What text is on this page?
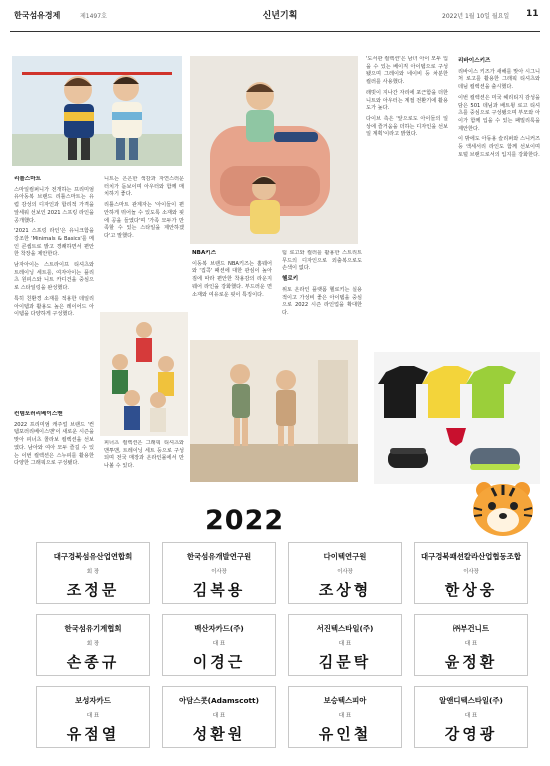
한국섬유경제	제1497호	신년기획	2022년 1월 10일 월요일 11
리틀스마트

스마일컴퍼니가 전개하는 프리미엄 유아동복 브랜드 리틀스마트는 유럽 감성의 디자인과 합리적 가격을 앞세워 선보인 2021 스프링 라인을 공개했다.

'2021 스프링 라인'은 유니크함을 강조한 'Minimals & Basics'를 메인 콘셉트로 밝고 경쾌하면서 편안한 착장을 제안한다.

남자아이는 스트라이프 티셔츠와 트레이닝 세트를, 여자아이는 플리츠 원피스와 니트 카디건을 중심으로 스타일링을 완성했다.

특히 친환경 소재를 적용한 데일리 아이템과 활용도 높은 레이어드 아이템을 다양하게 구성했다.

컨템포러리베이스맨

2022 프리미엄 캐주얼 브랜드 '컨템포러리베이스맨'이 새로운 시즌을 맞아 피너츠 콜라보 컬렉션을 선보였다. 남아와 여아 모두 즐길 수 있는 이번 컬렉션은 스누피를 활용한 다양한 그래픽으로 구성됐다.

니트는 은은한 색감과 자연스러운 터치가 돋보이며 아우터와 함께 매치하기 좋다.

리틀스마트 관계자는 '아이들이 편안하게 뛰어놀 수 있도록 소재와 핏에 공을 들였다'며 '가족 모두가 만족할 수 있는 스타일을 제안하겠다'고 말했다.

피너츠 컬렉션은 그래픽 티셔츠와 맨투맨, 트레이닝 세트 등으로 구성되며 전국 매장과 온라인몰에서 만나볼 수 있다.

NBA키즈

이동복 브랜드 NBA키즈는 홈웨어와 '집콕' 패션에 대한 관심이 높아짐에 따라 편안한 착용감의 라운지웨어 라인을 강화했다. 부드러운 면 소재와 여유로운 핏이 특징이다.

팀 로고와 컬러를 활용한 스트리트 무드의 디자인으로 외출복으로도 손색이 없다.

헬로키

위토 온라인 플랫폼 헬로키는 실용적이고 가성비 좋은 아이템을 중심으로 2022 시즌 라인업을 확대한다.

'도서관 컬렉션'은 남녀 아이 모두 입을 수 있는 베이직 아이템으로 구성됐으며 그레이와 네이비 등 차분한 컬러를 사용했다.

래빗이 지나간 자리에 포근함을 더한 니트와 아우터는 계절 전환기에 활용도가 높다.

다이브 측은 '앞으로도 아이들의 일상에 즐거움을 더하는 디자인을 선보일 계획'이라고 밝혔다.

리바이스키즈

리바이스 키즈가 새해를 맞아 시그니처 로고를 활용한 그래픽 티셔츠와 데님 컬렉션을 출시했다.

이번 컬렉션은 미국 헤리티지 감성을 담은 501 데님과 배트윙 로고 티셔츠를 중심으로 구성됐으며 부모와 아이가 함께 입을 수 있는 패밀리룩을 제안한다.

이 밖에도 아동용 슬리퍼와 스니커즈 등 액세서리 라인도 함께 선보이며 토털 브랜드로서의 입지를 강화한다.

2022
대구경북섬유산업연합회
회 장
조정문
한국섬유개발연구원
이사장
김복용
다이텍연구원
이사장
조상형
대구경북패션칼라산업협동조합
이사장
한상웅
한국섬유기계협회
회 장
손종규
백산자카드(주)
대 표
이경근
서진텍스타일(주)
대 표
김문탁
㈜부건니트
대 표
윤정환
보성자카드
대 표
유점열
아담스콧(Adamscott)
대 표
성환원
보승텍스피아
대 표
유인철
알앤디텍스타일(주)
대 표
강영광
